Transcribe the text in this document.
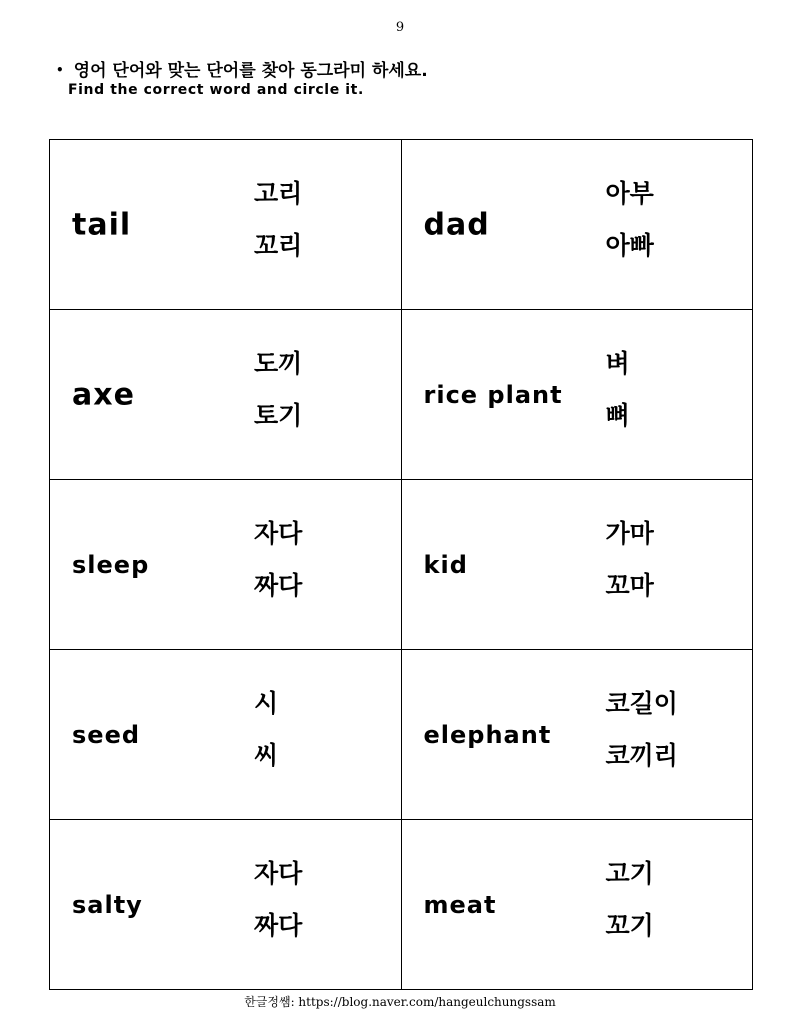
9
• 영어 단어와 맞는 단어를 찾아 동그라미 하세요.
Find the correct word and circle it.
tail
고리
꼬리	dad
아부
아빠

axe
도끼
토기	rice plant
벼
뼈

sleep
자다
짜다	kid
가마
꼬마

seed
시
씨	elephant
코길이
코끼리

salty
자다
짜다	meat
고기
꼬기
한글정쌤: https://blog.naver.com/hangeulchungssam
